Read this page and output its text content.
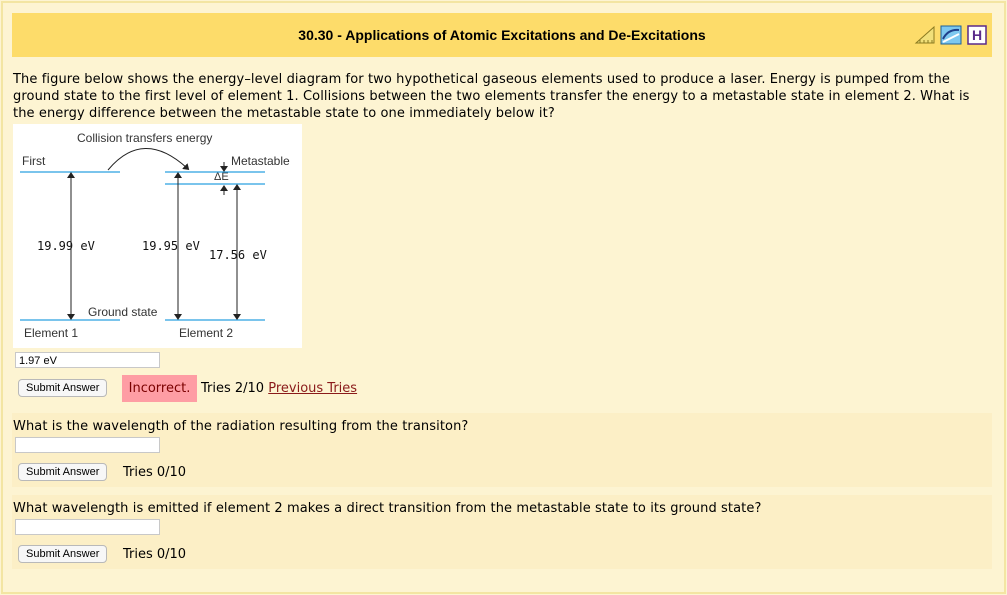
30.30 - Applications of Atomic Excitations and De-Excitations	H
The figure below shows the energy–level diagram for two hypothetical gaseous elements used to produce a laser. Energy is pumped from the ground state to the first level of element 1. Collisions between the two elements transfer the energy to a metastable state in element 2. What is the energy difference between the metastable state to one immediately below it?
Collision transfers energy
First	Metastable
ΔE
Ground state
Element 1	Element 2
19.99 eV	19.95 eV
17.56 eV
1.97 eV
Submit Answer	Incorrect. Tries 2/10 Previous Tries
What is the wavelength of the radiation resulting from the transiton?
Submit Answer	Tries 0/10
What wavelength is emitted if element 2 makes a direct transition from the metastable state to its ground state?
Submit Answer	Tries 0/10
